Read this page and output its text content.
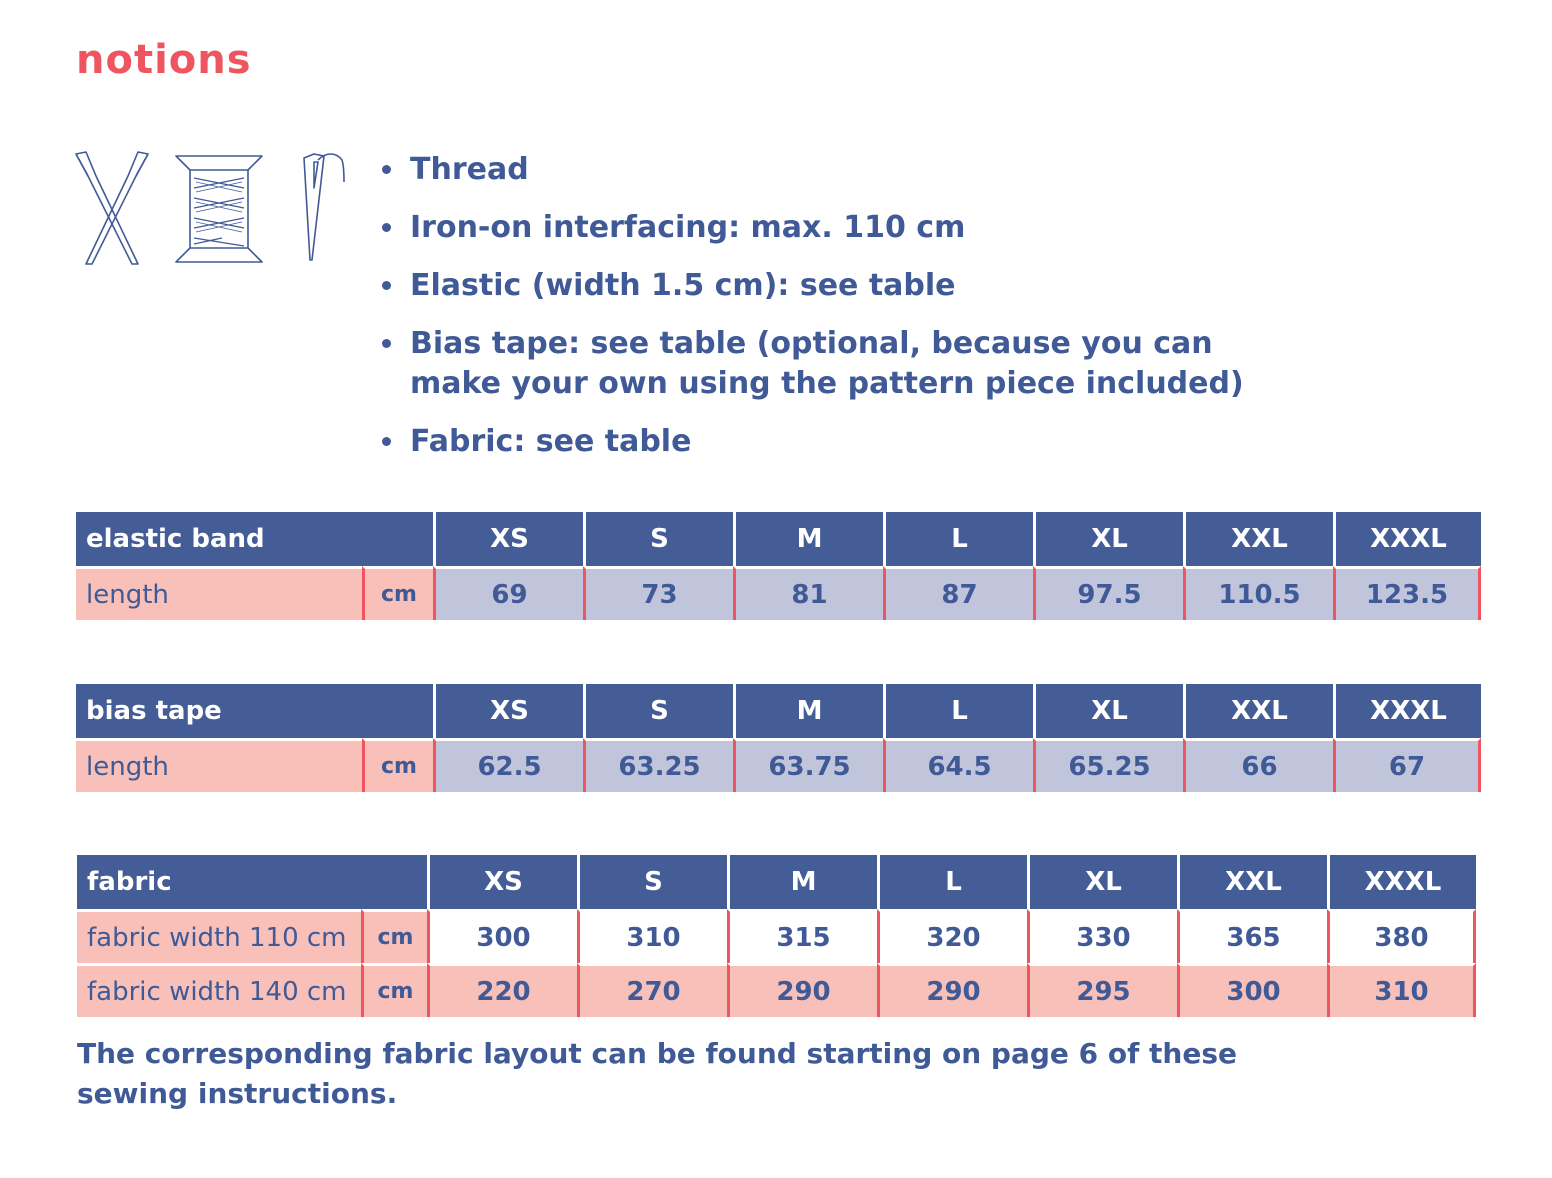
notions
Thread
Iron-on interfacing: max. 110 cm
Elastic (width 1.5 cm): see table
Bias tape: see table (optional, because you can make your own using the pattern piece included)
Fabric: see table
elastic band		XS	S	M	L	XL	XXL	XXXL
length	cm	69	73	81	87	97.5	110.5	123.5
bias tape		XS	S	M	L	XL	XXL	XXXL
length	cm	62.5	63.25	63.75	64.5	65.25	66	67
fabric		XS	S	M	L	XL	XXL	XXXL
fabric width 110 cm	cm	300	310	315	320	330	365	380
fabric width 140 cm	cm	220	270	290	290	295	300	310

The corresponding fabric layout can be found starting on page 6 of these sewing instructions.
